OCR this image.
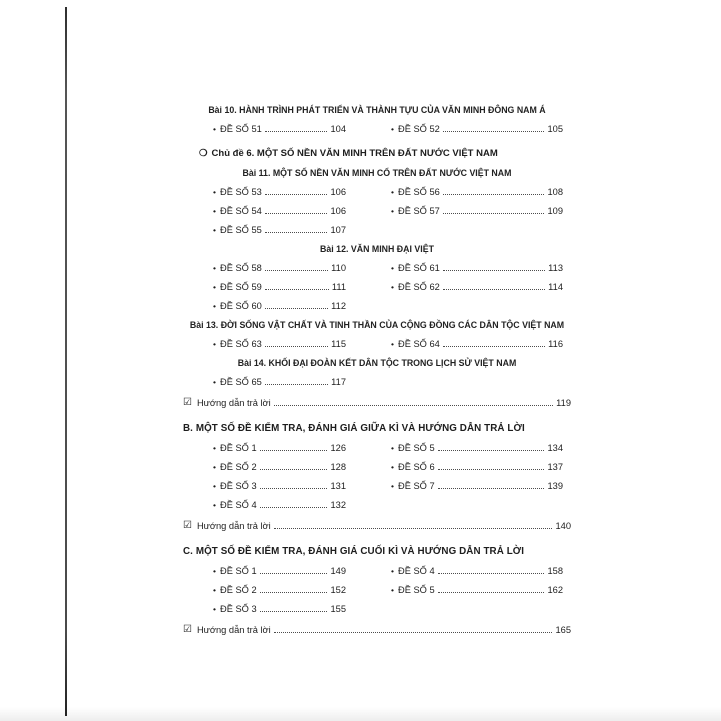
Bài 10. HÀNH TRÌNH PHÁT TRIỂN VÀ THÀNH TỰU CỦA VĂN MINH ĐÔNG NAM Á
• ĐỀ SỐ 51	104	• ĐỀ SỐ 52	105
❍ Chủ đề 6. MỘT SỐ NỀN VĂN MINH TRÊN ĐẤT NƯỚC VIỆT NAM
Bài 11. MỘT SỐ NỀN VĂN MINH CỔ TRÊN ĐẤT NƯỚC VIỆT NAM
• ĐỀ SỐ 53	106	• ĐỀ SỐ 56	108
• ĐỀ SỐ 54	106	• ĐỀ SỐ 57	109
• ĐỀ SỐ 55	107
Bài 12. VĂN MINH ĐẠI VIỆT
• ĐỀ SỐ 58	110	• ĐỀ SỐ 61	113
• ĐỀ SỐ 59	111	• ĐỀ SỐ 62	114
• ĐỀ SỐ 60	112
Bài 13. ĐỜI SỐNG VẬT CHẤT VÀ TINH THẦN CỦA CỘNG ĐỒNG CÁC DÂN TỘC VIỆT NAM
• ĐỀ SỐ 63	115	• ĐỀ SỐ 64	116
Bài 14. KHỐI ĐẠI ĐOÀN KẾT DÂN TỘC TRONG LỊCH SỬ VIỆT NAM
• ĐỀ SỐ 65	117
☑ Hướng dẫn trả lời	119
B. MỘT SỐ ĐỀ KIỂM TRA, ĐÁNH GIÁ GIỮA KÌ VÀ HƯỚNG DẪN TRẢ LỜI
• ĐỀ SỐ 1	126	• ĐỀ SỐ 5	134
• ĐỀ SỐ 2	128	• ĐỀ SỐ 6	137
• ĐỀ SỐ 3	131	• ĐỀ SỐ 7	139
• ĐỀ SỐ 4	132
☑ Hướng dẫn trả lời	140
C. MỘT SỐ ĐỀ KIỂM TRA, ĐÁNH GIÁ CUỐI KÌ VÀ HƯỚNG DẪN TRẢ LỜI
• ĐỀ SỐ 1	149	• ĐỀ SỐ 4	158
• ĐỀ SỐ 2	152	• ĐỀ SỐ 5	162
• ĐỀ SỐ 3	155
☑ Hướng dẫn trả lời	165
